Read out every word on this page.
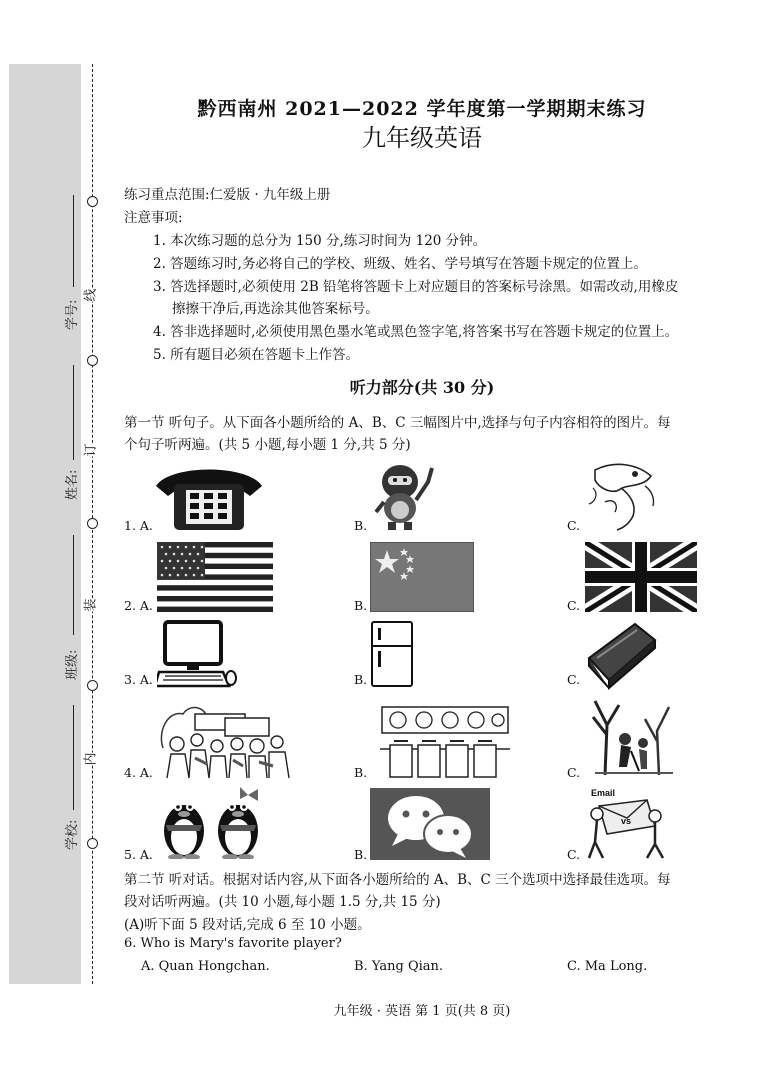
学号:
姓名:
班级:
学校:
线
订
装
内
黔西南州 2021—2022 学年度第一学期期末练习
九年级英语
练习重点范围:仁爱版 · 九年级上册
注意事项:
1. 本次练习题的总分为 150 分,练习时间为 120 分钟。
2. 答题练习时,务必将自己的学校、班级、姓名、学号填写在答题卡规定的位置上。
3. 答选择题时,必须使用 2B 铅笔将答题卡上对应题目的答案标号涂黑。如需改动,用橡皮
擦擦干净后,再选涂其他答案标号。
4. 答非选择题时,必须使用黑色墨水笔或黑色签字笔,将答案书写在答题卡规定的位置上。
5. 所有题目必须在答题卡上作答。
听力部分(共 30 分)
第一节 听句子。从下面各小题所给的 A、B、C 三幅图片中,选择与句子内容相符的图片。每
个句子听两遍。(共 5 小题,每小题 1 分,共 5 分)
1. A.	B.	C.
2. A.	B.	C.
3. A.	B.	C.
4. A.	B.	C.
5. A.	B.	C.
Email
vs
第二节 听对话。根据对话内容,从下面各小题所给的 A、B、C 三个选项中选择最佳选项。每
段对话听两遍。(共 10 小题,每小题 1.5 分,共 15 分)
(A)听下面 5 段对话,完成 6 至 10 小题。
6. Who is Mary's favorite player?
A. Quan Hongchan.	B. Yang Qian.	C. Ma Long.
九年级 · 英语 第 1 页(共 8 页)
